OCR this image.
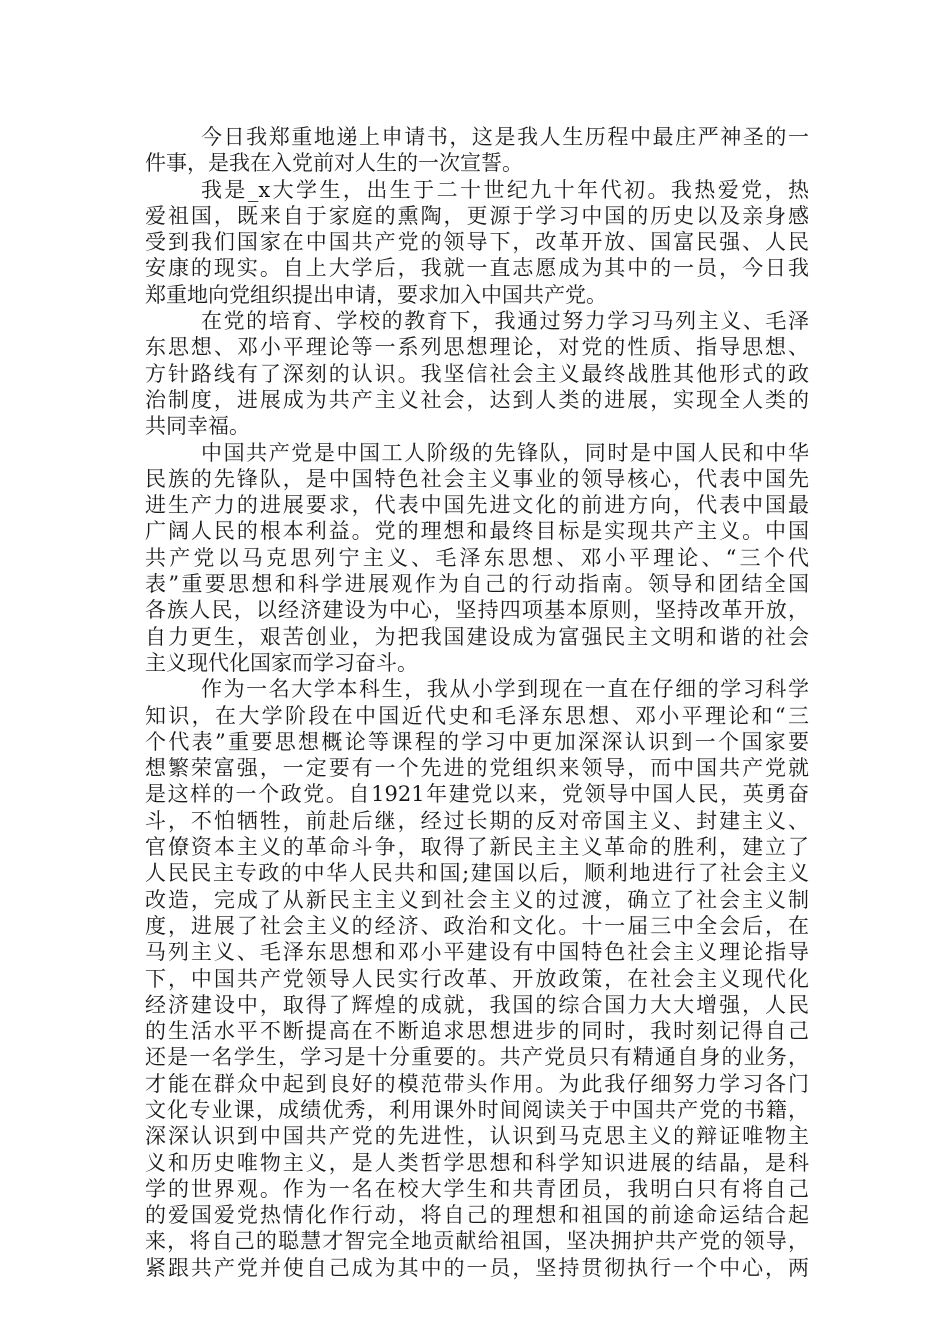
今日我郑重地递上申请书，这是我人生历程中最庄严神圣的一
件事，是我在入党前对人生的一次宣誓。
我是_x大学生，出生于二十世纪九十年代初。我热爱党，热
爱祖国，既来自于家庭的熏陶，更源于学习中国的历史以及亲身感
受到我们国家在中国共产党的领导下，改革开放、国富民强、人民
安康的现实。自上大学后，我就一直志愿成为其中的一员，今日我
郑重地向党组织提出申请，要求加入中国共产党。
在党的培育、学校的教育下，我通过努力学习马列主义、毛泽
东思想、邓小平理论等一系列思想理论，对党的性质、指导思想、
方针路线有了深刻的认识。我坚信社会主义最终战胜其他形式的政
治制度，进展成为共产主义社会，达到人类的进展，实现全人类的
共同幸福。
中国共产党是中国工人阶级的先锋队，同时是中国人民和中华
民族的先锋队，是中国特色社会主义事业的领导核心，代表中国先
进生产力的进展要求，代表中国先进文化的前进方向，代表中国最
广阔人民的根本利益。党的理想和最终目标是实现共产主义。中国
共产党以马克思列宁主义、毛泽东思想、邓小平理论、“三个代
表”重要思想和科学进展观作为自己的行动指南。领导和团结全国
各族人民，以经济建设为中心，坚持四项基本原则，坚持改革开放，
自力更生，艰苦创业，为把我国建设成为富强民主文明和谐的社会
主义现代化国家而学习奋斗。
作为一名大学本科生，我从小学到现在一直在仔细的学习科学
知识，在大学阶段在中国近代史和毛泽东思想、邓小平理论和“三
个代表”重要思想概论等课程的学习中更加深深认识到一个国家要
想繁荣富强，一定要有一个先进的党组织来领导，而中国共产党就
是这样的一个政党。自1921年建党以来，党领导中国人民，英勇奋
斗，不怕牺牲，前赴后继，经过长期的反对帝国主义、封建主义、
官僚资本主义的革命斗争，取得了新民主主义革命的胜利，建立了
人民民主专政的中华人民共和国;建国以后，顺利地进行了社会主义
改造，完成了从新民主主义到社会主义的过渡，确立了社会主义制
度，进展了社会主义的经济、政治和文化。十一届三中全会后，在
马列主义、毛泽东思想和邓小平建设有中国特色社会主义理论指导
下，中国共产党领导人民实行改革、开放政策，在社会主义现代化
经济建设中，取得了辉煌的成就，我国的综合国力大大增强，人民
的生活水平不断提高在不断追求思想进步的同时，我时刻记得自己
还是一名学生，学习是十分重要的。共产党员只有精通自身的业务，
才能在群众中起到良好的模范带头作用。为此我仔细努力学习各门
文化专业课，成绩优秀，利用课外时间阅读关于中国共产党的书籍，
深深认识到中国共产党的先进性，认识到马克思主义的辩证唯物主
义和历史唯物主义，是人类哲学思想和科学知识进展的结晶，是科
学的世界观。作为一名在校大学生和共青团员，我明白只有将自己
的爱国爱党热情化作行动，将自己的理想和祖国的前途命运结合起
来，将自己的聪慧才智完全地贡献给祖国，坚决拥护共产党的领导，
紧跟共产党并使自己成为其中的一员，坚持贯彻执行一个中心，两
